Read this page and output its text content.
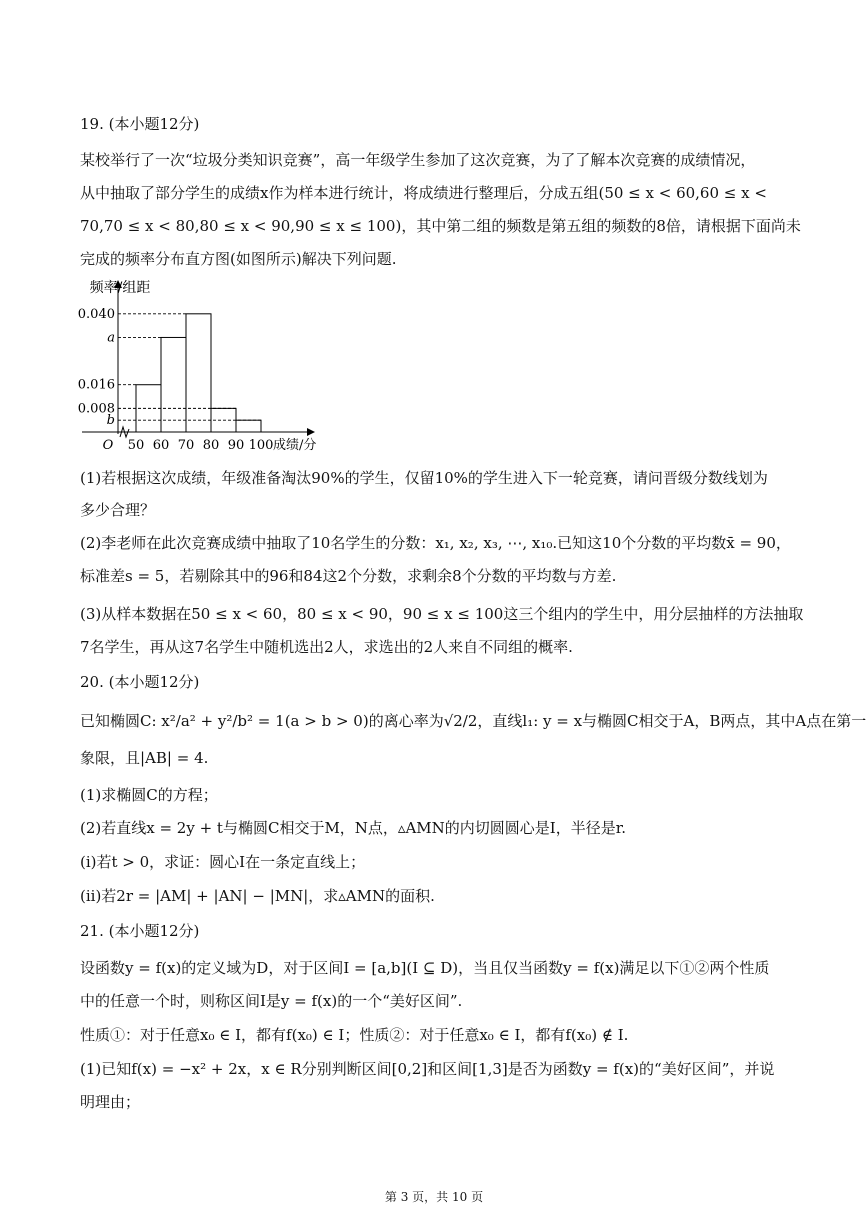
19. (本小题12分)
某校举行了一次“垃圾分类知识竞赛”，高一年级学生参加了这次竞赛，为了了解本次竞赛的成绩情况，
从中抽取了部分学生的成绩x作为样本进行统计，将成绩进行整理后，分成五组(50 ≤ x < 60,60 ≤ x <
70,70 ≤ x < 80,80 ≤ x < 90,90 ≤ x ≤ 100)，其中第二组的频数是第五组的频数的8倍，请根据下面尚未
完成的频率分布直方图(如图所示)解决下列问题.
0.040
a
0.016
0.008
b
50 60 70 80 90 100
O	成绩/分
频率/组距
(1)若根据这次成绩，年级准备淘汰90%的学生，仅留10%的学生进入下一轮竞赛，请问晋级分数线划为
多少合理？
(2)李老师在此次竞赛成绩中抽取了10名学生的分数：x₁, x₂, x₃, ⋯, x₁₀.已知这10个分数的平均数x̄ = 90，
标准差s = 5，若剔除其中的96和84这2个分数，求剩余8个分数的平均数与方差.
(3)从样本数据在50 ≤ x < 60，80 ≤ x < 90，90 ≤ x ≤ 100这三个组内的学生中，用分层抽样的方法抽取
7名学生，再从这7名学生中随机选出2人，求选出的2人来自不同组的概率.
20. (本小题12分)
已知椭圆C: x²/a² + y²/b² = 1(a > b > 0)的离心率为√2/2，直线l₁: y = x与椭圆C相交于A，B两点，其中A点在第一
象限，且|AB| = 4.
(1)求椭圆C的方程；
(2)若直线x = 2y + t与椭圆C相交于M，N点，▵AMN的内切圆圆心是I，半径是r.
(i)若t > 0，求证：圆心I在一条定直线上；
(ii)若2r = |AM| + |AN| − |MN|，求▵AMN的面积.
21. (本小题12分)
设函数y = f(x)的定义域为D，对于区间I = [a,b](I ⊆ D)，当且仅当函数y = f(x)满足以下①②两个性质
中的任意一个时，则称区间I是y = f(x)的一个“美好区间”.
性质①：对于任意x₀ ∈ I，都有f(x₀) ∈ I；性质②：对于任意x₀ ∈ I，都有f(x₀) ∉ I.
(1)已知f(x) = −x² + 2x，x ∈ R分别判断区间[0,2]和区间[1,3]是否为函数y = f(x)的“美好区间”，并说
明理由；
第 3 页，共 10 页
